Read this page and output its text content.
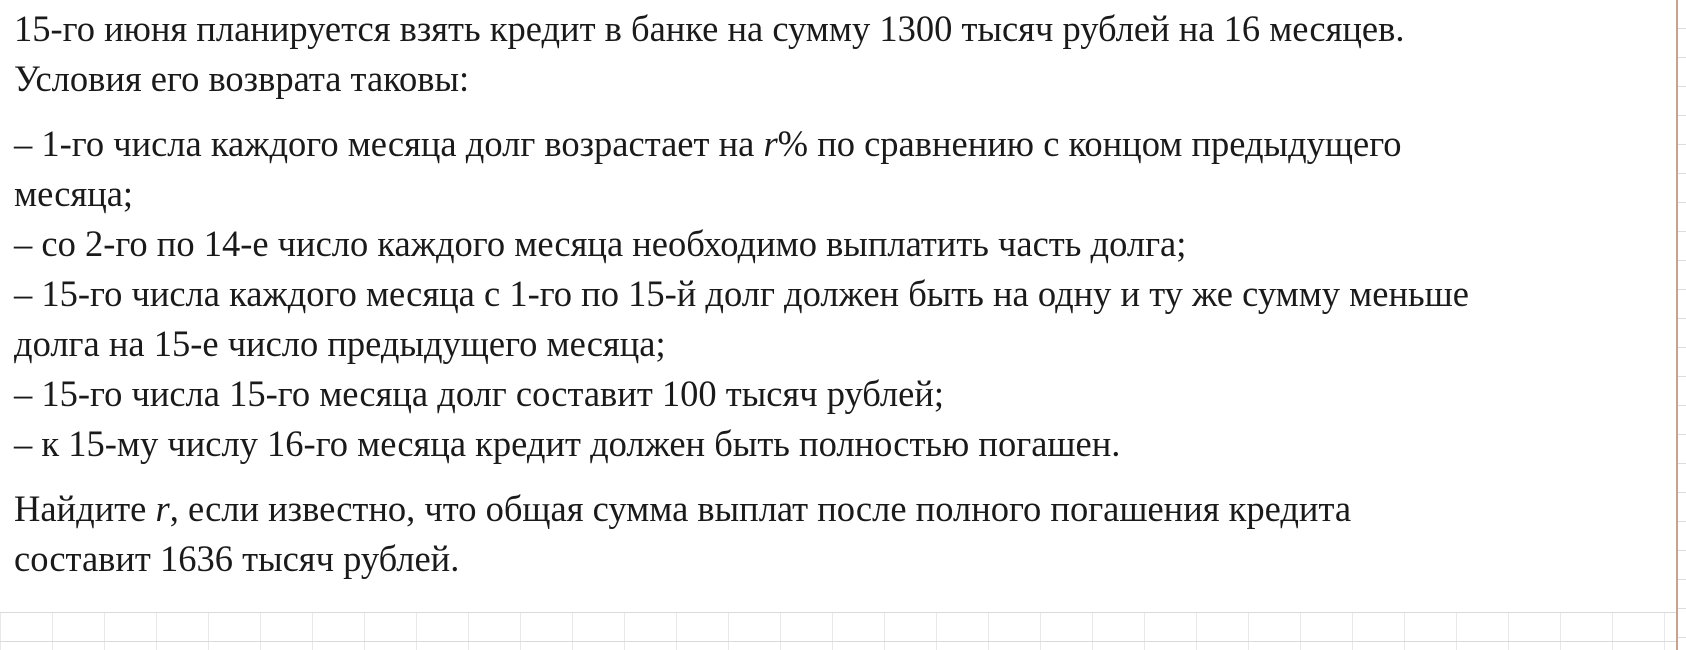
15-го июня планируется взять кредит в банке на сумму 1300 тысяч рублей на 16 месяцев.
Условия его возврата таковы:
– 1-го числа каждого месяца долг возрастает на r% по сравнению с концом предыдущего
месяца;
– со 2-го по 14-е число каждого месяца необходимо выплатить часть долга;
– 15-го числа каждого месяца с 1-го по 15-й долг должен быть на одну и ту же сумму меньше
долга на 15-е число предыдущего месяца;
– 15-го числа 15-го месяца долг составит 100 тысяч рублей;
– к 15-му числу 16-го месяца кредит должен быть полностью погашен.
Найдите r, если известно, что общая сумма выплат после полного погашения кредита
составит 1636 тысяч рублей.
